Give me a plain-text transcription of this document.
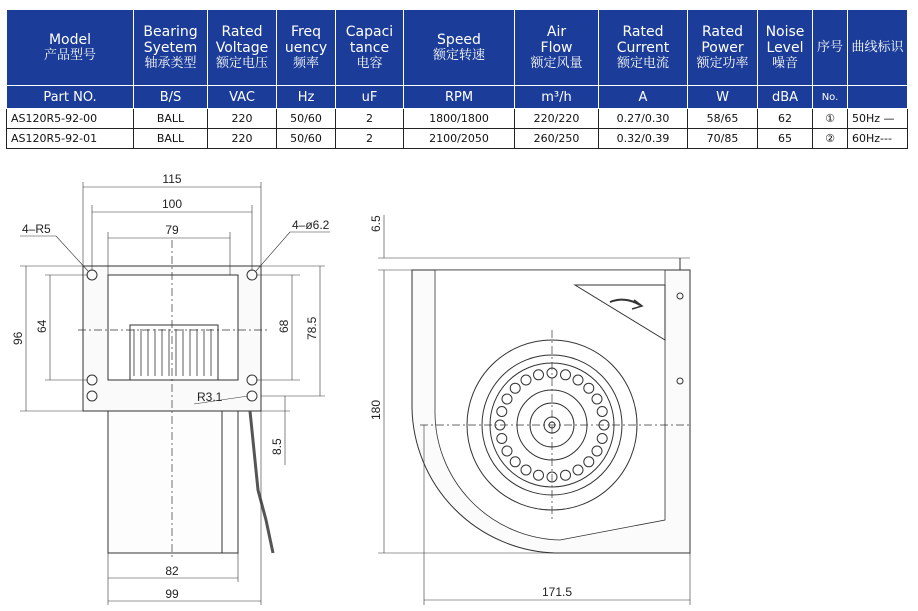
Model
产品型号	Bearing
Syetem
轴承类型	Rated
Voltage
额定电压	Freq
uency
频率	Capaci
tance
电容	Speed
额定转速	Air
Flow
额定风量	Rated
Current
额定电流	Rated
Power
额定功率	Noise
Level
噪音	序号	曲线标识

Part NO.	B/S	VAC	Hz	uF	RPM	m³/h	A	W	dBA	No.	
AS120R5-92-00	BALL	220	50/60	2	1800/1800	220/220	0.27/0.30	58/65	62	①	50Hz —
AS120R5-92-01	BALL	220	50/60	2	2100/2050	260/250	0.32/0.39	70/85	65	②	60Hz---
115
100
79
4–R5	4–ø6.2
96
64	68 78.5
R3.1
8.5
82
99
6.5
180
171.5
